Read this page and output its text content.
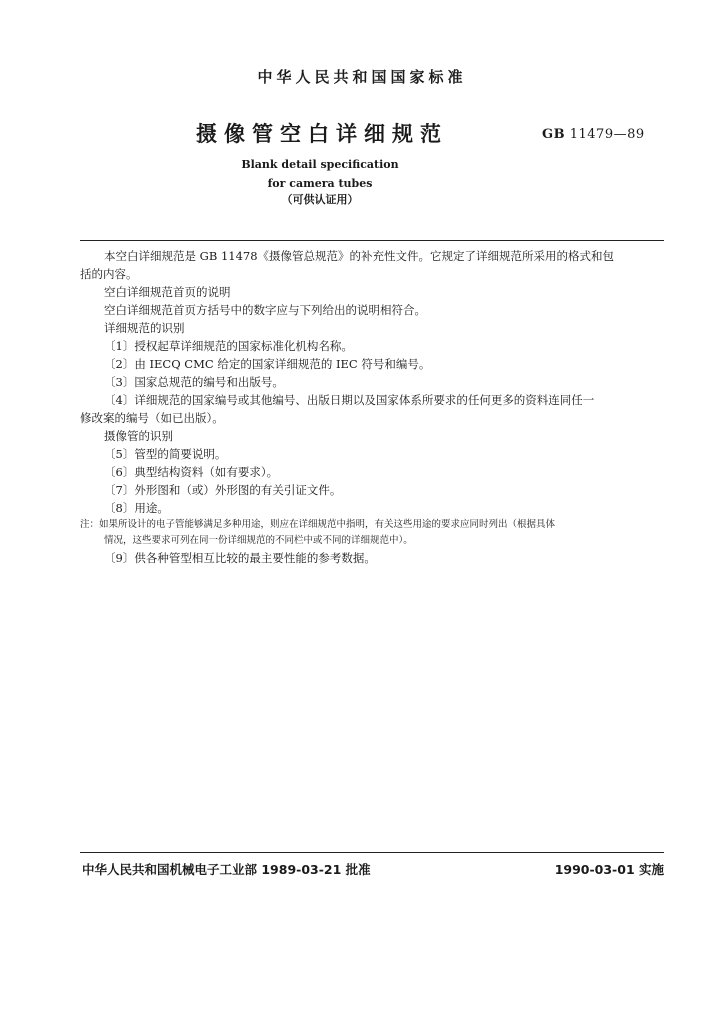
中华人民共和国国家标准
摄像管空白详细规范	GB 11479—89
Blank detail specification
for camera tubes
（可供认证用）
本空白详细规范是 GB 11478《摄像管总规范》的补充性文件。它规定了详细规范所采用的格式和包
括的内容。
空白详细规范首页的说明
空白详细规范首页方括号中的数字应与下列给出的说明相符合。
详细规范的识别
〔1〕授权起草详细规范的国家标准化机构名称。
〔2〕由 IECQ CMC 给定的国家详细规范的 IEC 符号和编号。
〔3〕国家总规范的编号和出版号。
〔4〕详细规范的国家编号或其他编号、出版日期以及国家体系所要求的任何更多的资料连同任一
修改案的编号（如已出版）。
摄像管的识别
〔5〕管型的简要说明。
〔6〕典型结构资料（如有要求）。
〔7〕外形图和（或）外形图的有关引证文件。
〔8〕用途。
注：如果所设计的电子管能够满足多种用途，则应在详细规范中指明，有关这些用途的要求应同时列出（根据具体
情况，这些要求可列在同一份详细规范的不同栏中或不同的详细规范中）。
〔9〕供各种管型相互比较的最主要性能的参考数据。
中华人民共和国机械电子工业部 1989-03-21 批准	1990-03-01 实施
